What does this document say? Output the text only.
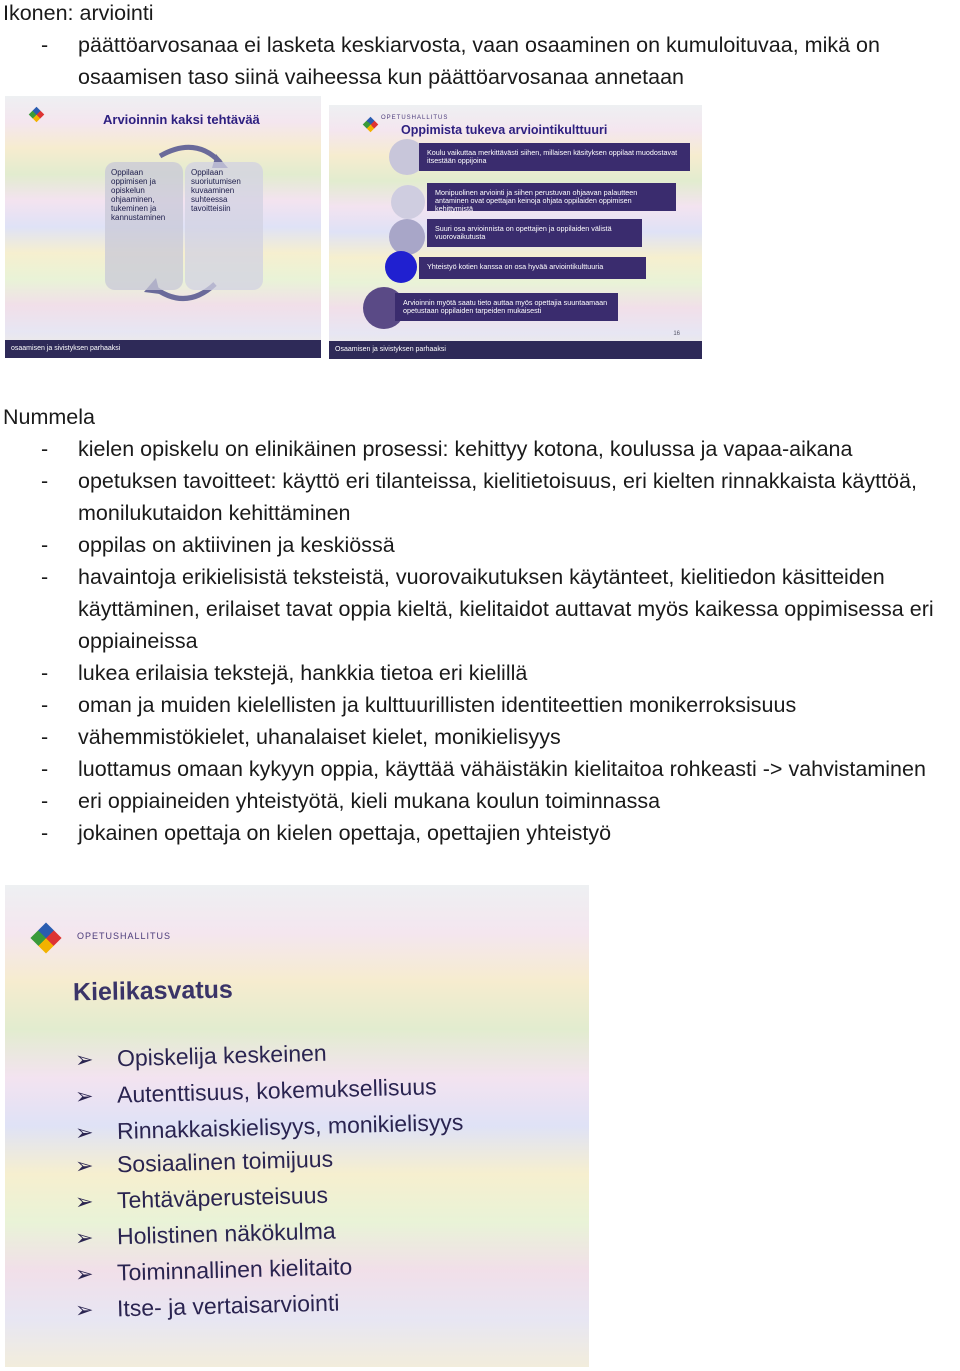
Ikonen: arviointi
- päättöarvosanaa ei lasketa keskiarvosta, vaan osaaminen on kumuloituvaa, mikä on osaamisen taso siinä vaiheessa kun päättöarvosanaa annetaan
Arvioinnin kaksi tehtävää
Oppilaan oppimisen ja opiskelun ohjaaminen, tukeminen ja kannustaminen
Oppilaan suoriutumisen kuvaaminen suhteessa tavoitteisiin
osaamisen ja sivistyksen parhaaksi
OPETUSHALLITUS
Oppimista tukeva arviointikulttuuri
Koulu vaikuttaa merkittävästi siihen, millaisen käsityksen oppilaat muodostavat itsestään oppijoina
Monipuolinen arviointi ja siihen perustuvan ohjaavan palautteen antaminen ovat opettajan keinoja ohjata oppilaiden oppimisen kehittymistä
Suuri osa arvioinnista on opettajien ja oppilaiden välistä vuorovaikutusta
Yhteistyö kotien kanssa on osa hyvää arviointikulttuuria
Arvioinnin myötä saatu tieto auttaa myös opettajia suuntaamaan opetustaan oppilaiden tarpeiden mukaisesti
16
Osaamisen ja sivistyksen parhaaksi
Nummela
- kielen opiskelu on elinikäinen prosessi: kehittyy kotona, koulussa ja vapaa-aikana
- opetuksen tavoitteet: käyttö eri tilanteissa, kielitietoisuus, eri kielten rinnakkaista käyttöä, monilukutaidon kehittäminen
- oppilas on aktiivinen ja keskiössä
- havaintoja erikielisistä teksteistä, vuorovaikutuksen käytänteet, kielitiedon käsitteiden käyttäminen, erilaiset tavat oppia kieltä, kielitaidot auttavat myös kaikessa oppimisessa eri oppiaineissa
- lukea erilaisia tekstejä, hankkia tietoa eri kielillä
- oman ja muiden kielellisten ja kulttuurillisten identiteettien monikerroksisuus
- vähemmistökielet, uhanalaiset kielet, monikielisyys
- luottamus omaan kykyyn oppia, käyttää vähäistäkin kielitaitoa rohkeasti -> vahvistaminen
- eri oppiaineiden yhteistyötä, kieli mukana koulun toiminnassa
- jokainen opettaja on kielen opettaja, opettajien yhteistyö
OPETUSHALLITUS
Kielikasvatus
➢ Opiskelija keskeinen
➢ Autenttisuus, kokemuksellisuus
➢ Rinnakkaiskielisyys, monikielisyys
➢ Sosiaalinen toimijuus
➢ Tehtäväperusteisuus
➢ Holistinen näkökulma
➢ Toiminnallinen kielitaito
➢ Itse- ja vertaisarviointi
